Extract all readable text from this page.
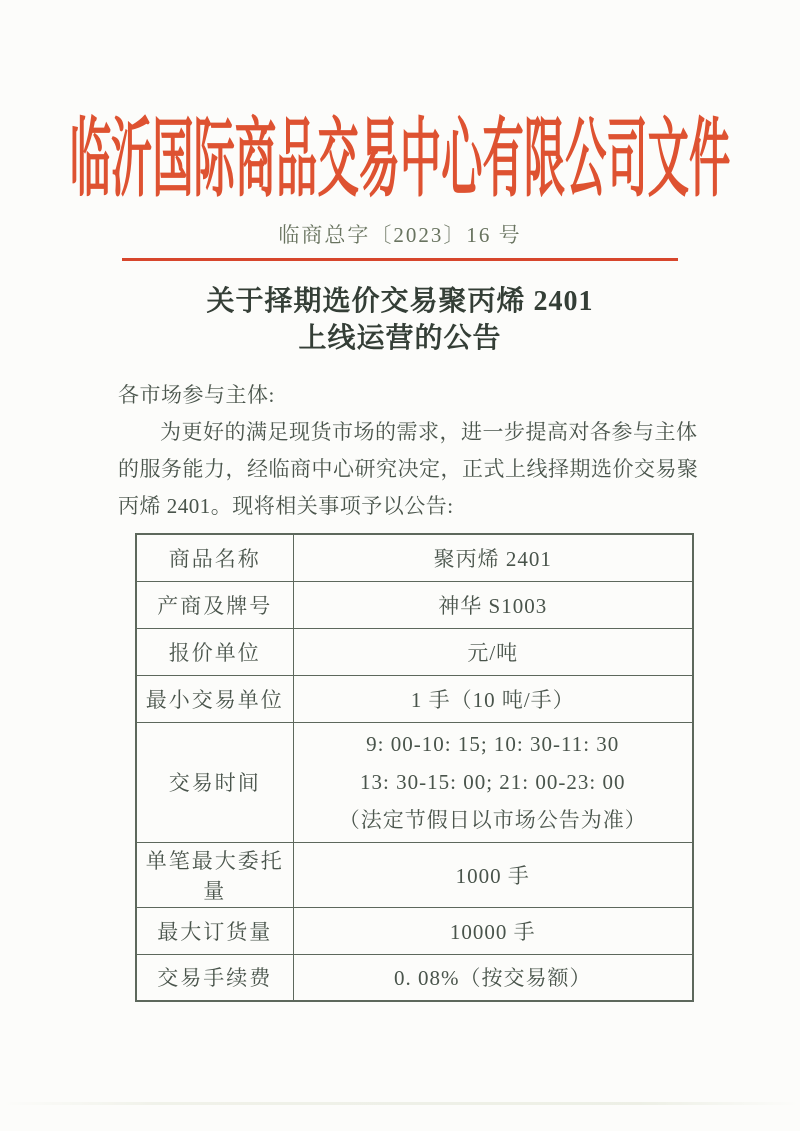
临沂国际商品交易中心有限公司文件
临商总字〔2023〕16 号
关于择期选价交易聚丙烯 2401
上线运营的公告
各市场参与主体:
为更好的满足现货市场的需求，进一步提高对各参与主体
的服务能力，经临商中心研究决定，正式上线择期选价交易聚
丙烯 2401。现将相关事项予以公告:
商品名称	聚丙烯 2401
产商及牌号	神华 S1003
报价单位	元/吨
最小交易单位	1 手（10 吨/手）
交易时间	9: 00-10: 15; 10: 30-11: 30
13: 30-15: 00; 21: 00-23: 00
（法定节假日以市场公告为准）

单笔最大委托量	1000 手
最大订货量	10000 手
交易手续费	0. 08%（按交易额）
